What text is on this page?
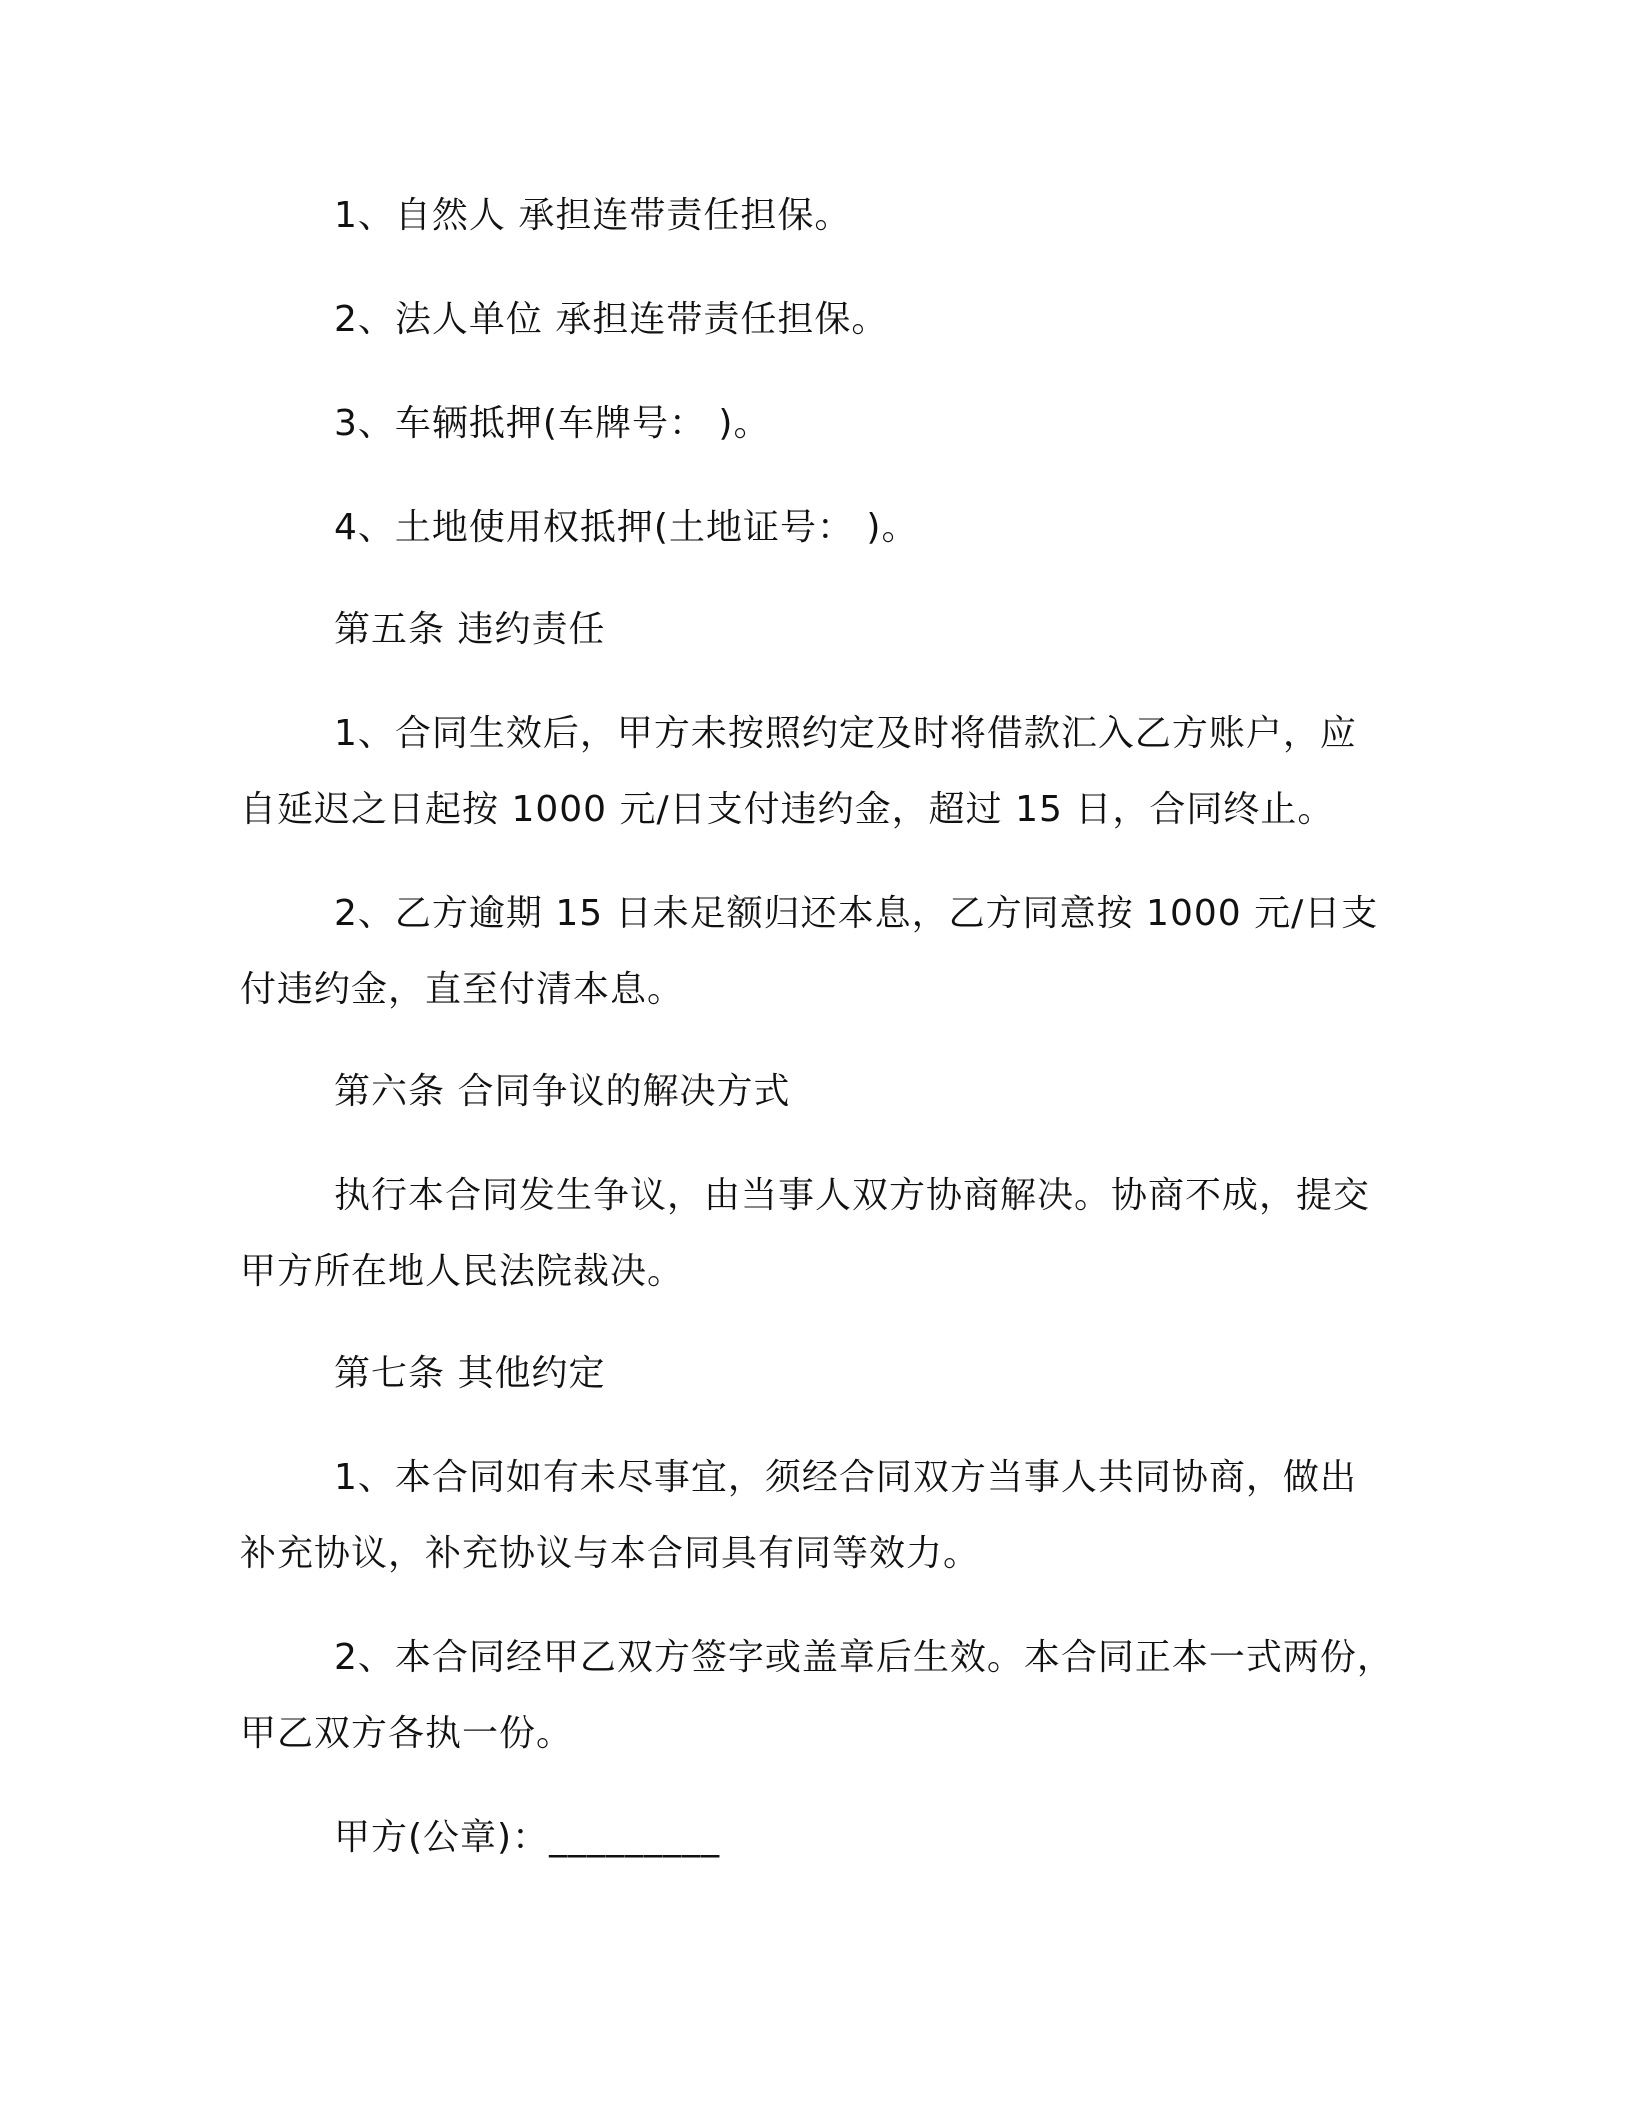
1、自然人 承担连带责任担保。
2、法人单位 承担连带责任担保。
3、车辆抵押(车牌号： )。
4、土地使用权抵押(土地证号： )。
第五条 违约责任
1、合同生效后，甲方未按照约定及时将借款汇入乙方账户，应
自延迟之日起按 1000 元/日支付违约金，超过 15 日，合同终止。
2、乙方逾期 15 日未足额归还本息，乙方同意按 1000 元/日支
付违约金，直至付清本息。
第六条 合同争议的解决方式
执行本合同发生争议，由当事人双方协商解决。协商不成，提交
甲方所在地人民法院裁决。
第七条 其他约定
1、本合同如有未尽事宜，须经合同双方当事人共同协商，做出
补充协议，补充协议与本合同具有同等效力。
2、本合同经甲乙双方签字或盖章后生效。本合同正本一式两份，
甲乙双方各执一份。
甲方(公章)：_________
